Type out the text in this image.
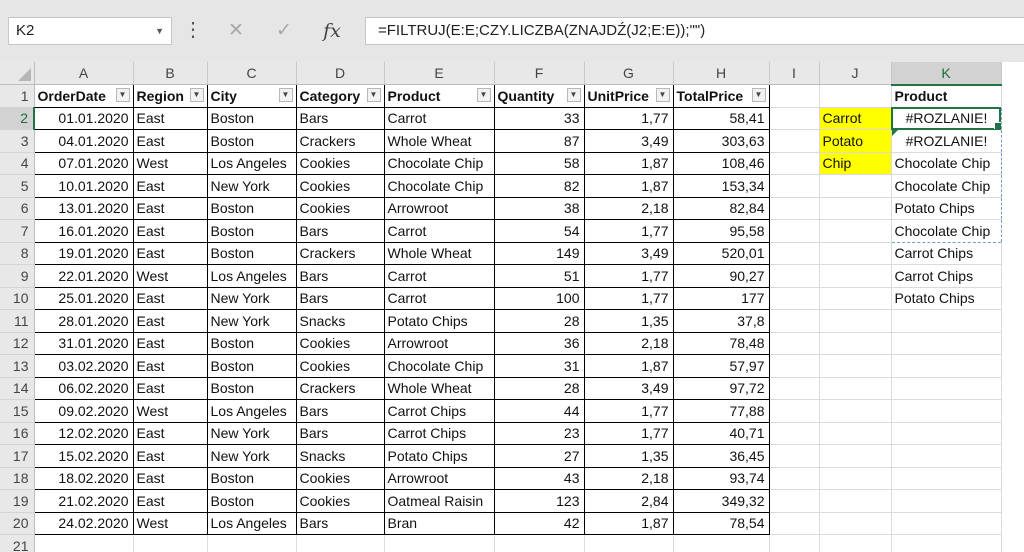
K2	▼ ⋮	✕	✓	fx	=FILTRUJ(E:E;CZY.LICZBA(ZNAJDŹ(J2;E:E));"")
	A	B	C	D	E	F	G	H	I	J	K
1	OrderDate ▼	Region ▼	City ▼	Category ▼	Product ▼	Quantity ▼	UnitPrice ▼	TotalPrice ▼			Product
2	01.01.2020	East	Boston	Bars	Carrot	33	1,77	58,41		Carrot	#ROZLANIE!

3	04.01.2020	East	Boston	Crackers	Whole Wheat	87	3,49	303,63		Potato	#ROZLANIE!
4	07.01.2020	West	Los Angeles	Cookies	Chocolate Chip	58	1,87	108,46		Chip	Chocolate Chip
5	10.01.2020	East	New York	Cookies	Chocolate Chip	82	1,87	153,34			Chocolate Chip
6	13.01.2020	East	Boston	Cookies	Arrowroot	38	2,18	82,84			Potato Chips
7	16.01.2020	East	Boston	Bars	Carrot	54	1,77	95,58			Chocolate Chip
8	19.01.2020	East	Boston	Crackers	Whole Wheat	149	3,49	520,01			Carrot Chips
9	22.01.2020	West	Los Angeles	Bars	Carrot	51	1,77	90,27			Carrot Chips
10	25.01.2020	East	New York	Bars	Carrot	100	1,77	177			Potato Chips
11	28.01.2020	East	New York	Snacks	Potato Chips	28	1,35	37,8			
12	31.01.2020	East	Boston	Cookies	Arrowroot	36	2,18	78,48			
13	03.02.2020	East	Boston	Cookies	Chocolate Chip	31	1,87	57,97			
14	06.02.2020	East	Boston	Crackers	Whole Wheat	28	3,49	97,72			
15	09.02.2020	West	Los Angeles	Bars	Carrot Chips	44	1,77	77,88			
16	12.02.2020	East	New York	Bars	Carrot Chips	23	1,77	40,71			
17	15.02.2020	East	New York	Snacks	Potato Chips	27	1,35	36,45			
18	18.02.2020	East	Boston	Cookies	Arrowroot	43	2,18	93,74			
19	21.02.2020	East	Boston	Cookies	Oatmeal Raisin	123	2,84	349,32			
20	24.02.2020	West	Los Angeles	Bars	Bran	42	1,87	78,54			
21											
